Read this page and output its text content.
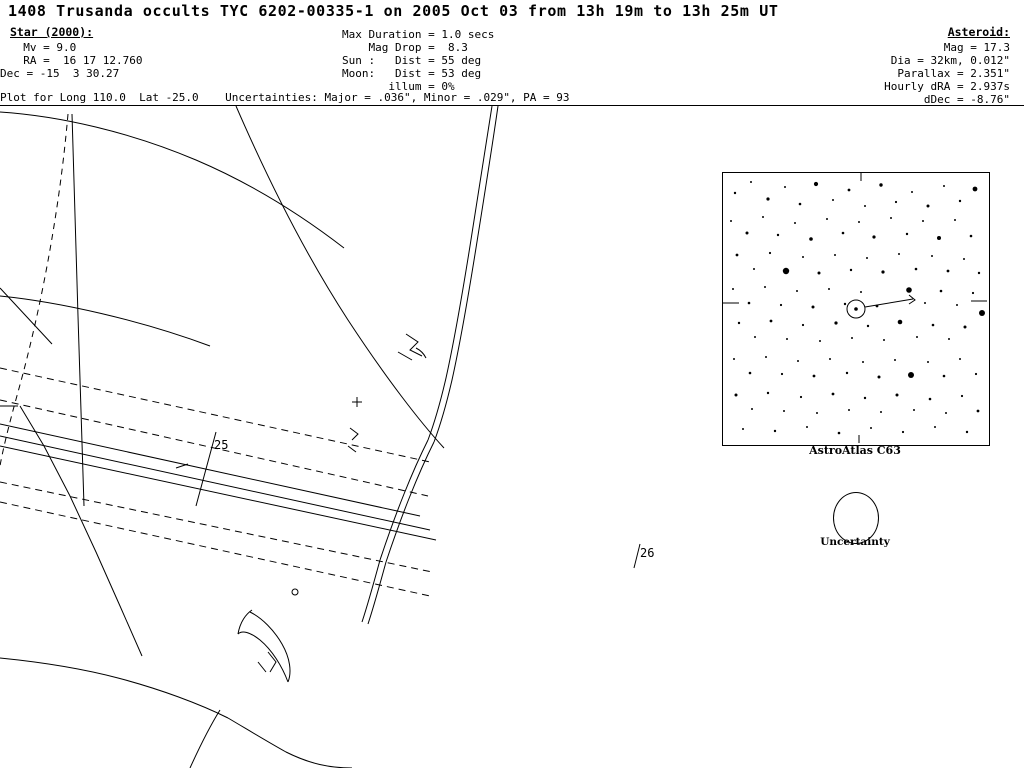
1408 Trusanda occults TYC 6202-00335-1 on 2005 Oct 03 from 13h 19m to 13h 25m UT
Star (2000):
Mv = 9.0
RA =  16 17 12.760
Dec = -15  3 30.27
Max Duration = 1.0 secs
Mag Drop =  8.3
Sun :   Dist = 55 deg
Moon:   Dist = 53 deg
illum = 0%
Asteroid:
Mag = 17.3
Dia = 32km, 0.012"
Parallax = 2.351"
Hourly dRA = 2.937s
dDec = -8.76"
Plot for Long 110.0  Lat -25.0    Uncertainties: Major = .036", Minor = .029", PA = 93
25
26
AstroAtlas C63
Uncertainty
